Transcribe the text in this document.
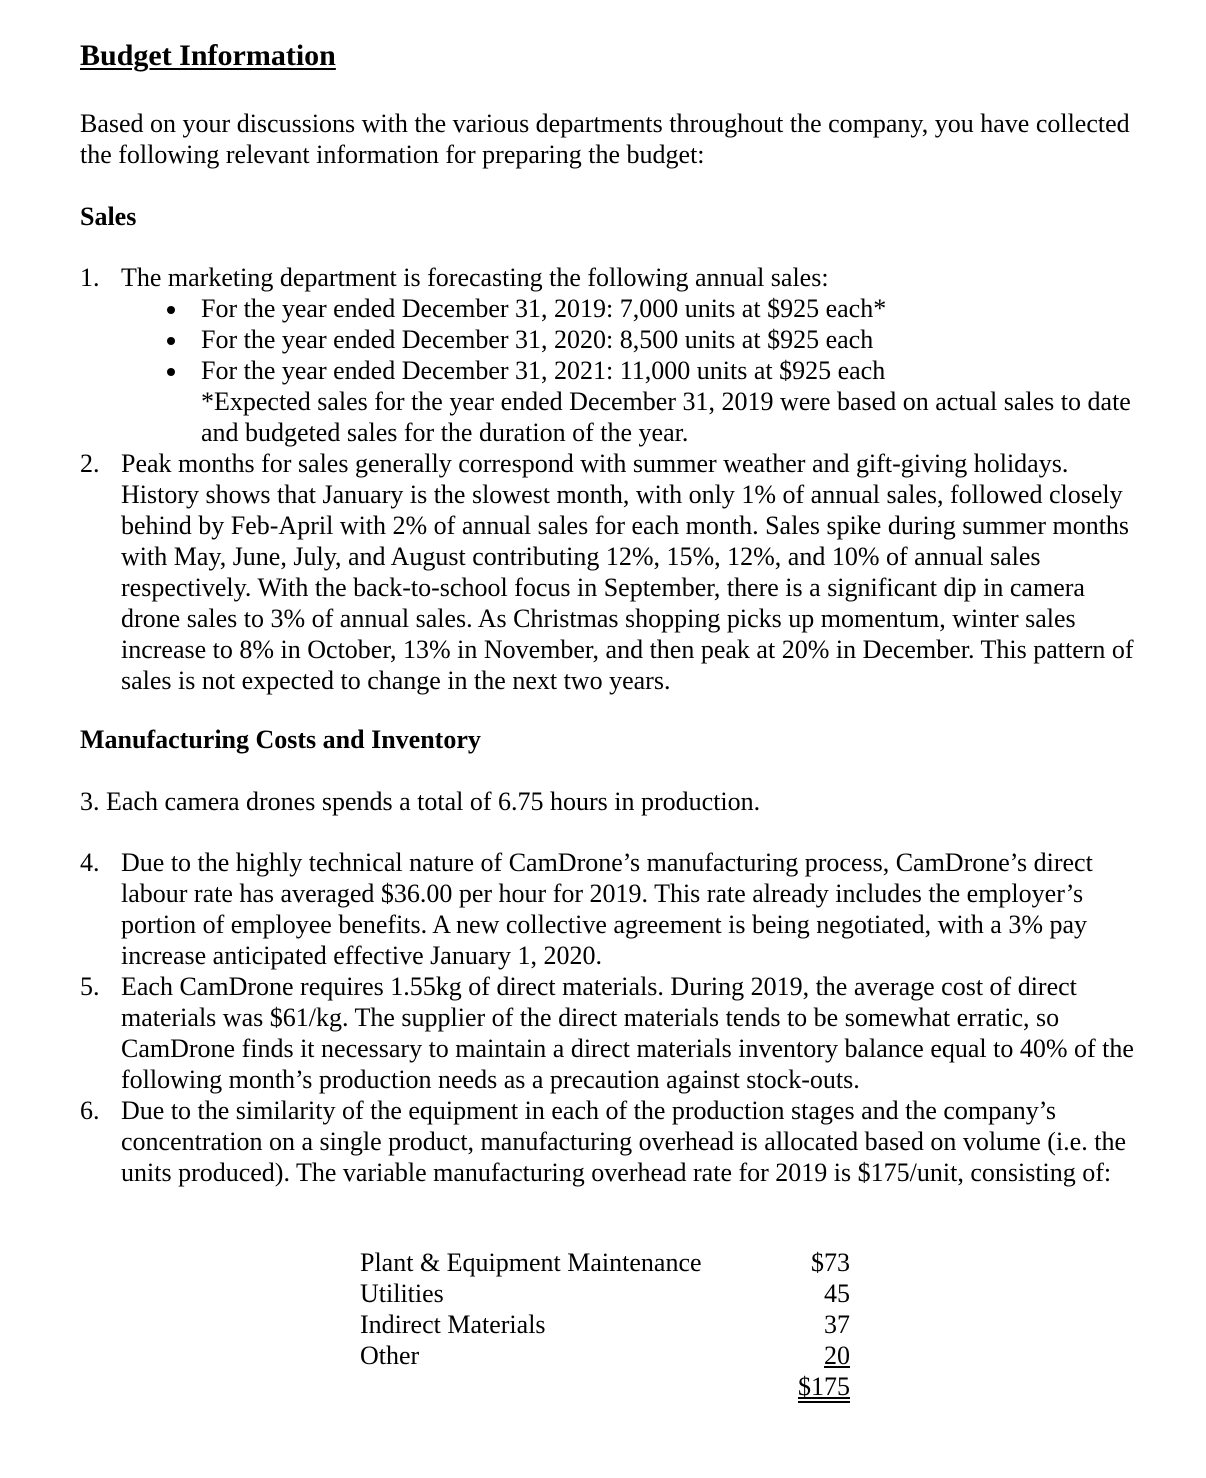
Budget Information

Based on your discussions with the various departments throughout the company, you have collected the following relevant information for preparing the budget:

Sales
1. The marketing department is forecasting the following annual sales:
For the year ended December 31, 2019: 7,000 units at $925 each*
For the year ended December 31, 2020: 8,500 units at $925 each
For the year ended December 31, 2021: 11,000 units at $925 each
*Expected sales for the year ended December 31, 2019 were based on actual sales to date and budgeted sales for the duration of the year.
2. Peak months for sales generally correspond with summer weather and gift-giving holidays. History shows that January is the slowest month, with only 1% of annual sales, followed closely behind by Feb-April with 2% of annual sales for each month. Sales spike during summer months with May, June, July, and August contributing 12%, 15%, 12%, and 10% of annual sales respectively. With the back-to-school focus in September, there is a significant dip in camera drone sales to 3% of annual sales. As Christmas shopping picks up momentum, winter sales increase to 8% in October, 13% in November, and then peak at 20% in December. This pattern of sales is not expected to change in the next two years.
Manufacturing Costs and Inventory
3. Each camera drones spends a total of 6.75 hours in production.
4. Due to the highly technical nature of CamDrone’s manufacturing process, CamDrone’s direct labour rate has averaged $36.00 per hour for 2019. This rate already includes the employer’s portion of employee benefits. A new collective agreement is being negotiated, with a 3% pay increase anticipated effective January 1, 2020.
5. Each CamDrone requires 1.55kg of direct materials. During 2019, the average cost of direct materials was $61/kg. The supplier of the direct materials tends to be somewhat erratic, so CamDrone finds it necessary to maintain a direct materials inventory balance equal to 40% of the following month’s production needs as a precaution against stock-outs.
6. Due to the similarity of the equipment in each of the production stages and the company’s concentration on a single product, manufacturing overhead is allocated based on volume (i.e. the units produced). The variable manufacturing overhead rate for 2019 is $175/unit, consisting of:
Plant & Equipment Maintenance	$73
Utilities	45
Indirect Materials	37
Other	20
$175
